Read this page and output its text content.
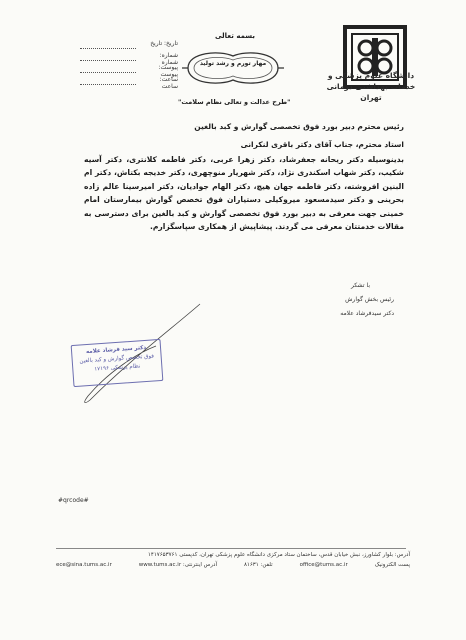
دانشگاه علوم پزشکی و خدمات بهداشتی درمانی تهران
بسمه تعالی
مهار تورم و رشد تولید
تاریخ: تاریخ
شماره: شماره
پیوست: پیوست
ساعت: ساعت
"طرح عدالت و تعالی نظام سلامت"
رئیس محترم دبیر بورد فوق تخصصی گوارش و کبد بالغین
استاد محترم، جناب آقای دکتر باقری لنکرانی
بدینوسیله دکتر ریحانه جعفرشاد، دکتر زهرا عربی، دکتر فاطمه کلانتری، دکتر آسیه شکیب، دکتر شهاب اسکندری نژاد، دکتر شهریار منوچهری، دکتر خدیجه بکتاش، دکتر ام البنین افروشته، دکتر فاطمه جهان هیچ، دکتر الهام جوادیان، دکتر امیرسینا عالم زاده بحرینی و دکتر سیدمسعود میروکیلی دستیاران فوق تخصص گوارش بیمارستان امام خمینی جهت معرفی به دبیر بورد فوق تخصصی گوارش و کبد بالغین برای دسترسی به مقالات خدمتتان معرفی می گردند. پیشاپیش از همکاری سپاسگزارم.
با تشکر
رئیس بخش گوارش
دکتر سیدفرشاد علامه
دکتر سید فرشاد علامه
فوق تخصص گوارش و کبد بالغین
نظام پزشکی ۱۷۱۹۶
#qrcode#
آدرس: بلوار کشاورز، نبش خیابان قدس، ساختمان ستاد مرکزی دانشگاه علوم پزشکی تهران، کدپستی ۱۴۱۷۶۵۳۷۶۱
ece@sina.tums.ac.ir	آدرس اینترنتی: www.tums.ac.ir	تلفن: ۸۱۶۳۱	office@tums.ac.ir	پست الکترونیک
